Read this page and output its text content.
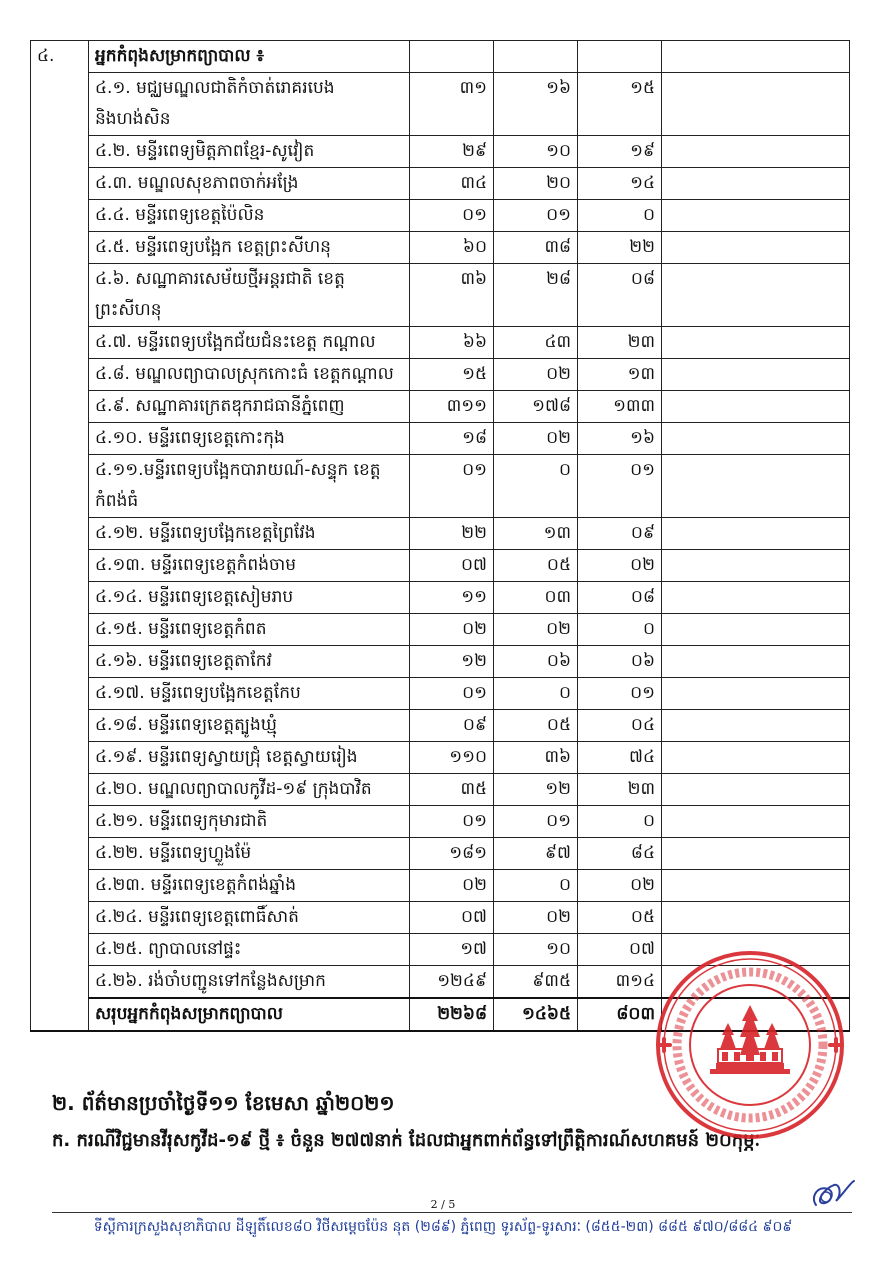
៤.	អ្នកកំពុងសម្រាកព្យាបាល ៖				
	៤.១. មជ្ឈមណ្ឌលជាតិកំចាត់រោគរបេង និងហង់សិន	៣១	១៦	១៥	
	៤.២. មន្ទីរពេទ្យមិត្តភាពខ្មែរ-សូវៀត	២៩	១០	១៩	
	៤.៣. មណ្ឌលសុខភាពចាក់អង្រែ	៣៤	២០	១៤	
	៤.៤. មន្ទីរពេទ្យខេត្តប៉ៃលិន	០១	០១	០	
	៤.៥. មន្ទីរពេទ្យបង្អែក ខេត្តព្រះសីហនុ	៦០	៣៨	២២	
	៤.៦. សណ្ឋាគារសេម័យថ្មីអន្តរជាតិ ខេត្តព្រះសីហនុ	៣៦	២៨	០៨	
	៤.៧. មន្ទីរពេទ្យបង្អែកជ័យជំនះខេត្ត កណ្ដាល	៦៦	៤៣	២៣	
	៤.៨. មណ្ឌលព្យាបាលស្រុកកោះធំ ខេត្តកណ្ដាល	១៥	០២	១៣	
	៤.៩. សណ្ឋាគារក្រេតឌុករាជធានីភ្នំពេញ	៣១១	១៧៨	១៣៣	
	៤.១០. មន្ទីរពេទ្យខេត្តកោះកុង	១៨	០២	១៦	
	៤.១១.មន្ទីរពេទ្យបង្អែកបារាយណ៍-សន្ទុក ខេត្តកំពង់ធំ	០១	០	០១	
	៤.១២. មន្ទីរពេទ្យបង្អែកខេត្តព្រៃវែង	២២	១៣	០៩	
	៤.១៣. មន្ទីរពេទ្យខេត្តកំពង់ចាម	០៧	០៥	០២	
	៤.១៤. មន្ទីរពេទ្យខេត្តសៀមរាប	១១	០៣	០៨	
	៤.១៥. មន្ទីរពេទ្យខេត្តកំពត	០២	០២	០	
	៤.១៦. មន្ទីរពេទ្យខេត្តតាកែវ	១២	០៦	០៦	
	៤.១៧. មន្ទីរពេទ្យបង្អែកខេត្តកែប	០១	០	០១	
	៤.១៨. មន្ទីរពេទ្យខេត្តត្បូងឃ្មុំ	០៩	០៥	០៤	
	៤.១៩. មន្ទីរពេទ្យស្វាយជ្រុំ ខេត្តស្វាយរៀង	១១០	៣៦	៧៤	
	៤.២០. មណ្ឌលព្យាបាលកូវីដ-១៩ ក្រុងបាវិត	៣៥	១២	២៣	
	៤.២១. មន្ទីរពេទ្យកុមារជាតិ	០១	០១	០	
	៤.២២. មន្ទីរពេទ្យហ្លួងម៉ែ	១៨១	៩៧	៨៤	
	៤.២៣. មន្ទីរពេទ្យខេត្តកំពង់ឆ្នាំង	០២	០	០២	
	៤.២៤. មន្ទីរពេទ្យខេត្តពោធិ៍សាត់	០៧	០២	០៥	
	៤.២៥. ព្យាបាលនៅផ្ទះ	១៧	១០	០៧	
	៤.២៦. រង់ចាំបញ្ជូនទៅកន្លែងសម្រាក	១២៤៩	៩៣៥	៣១៤	
	សរុបអ្នកកំពុងសម្រាកព្យាបាល	២២៦៨	១៤៦៥	៨០៣	
២. ព័ត៌មានប្រចាំថ្ងៃទី១១ ខែមេសា ឆ្នាំ២០២១
ក. ករណីវិជ្ជមានវីរុសកូវីដ-១៩ ថ្មី ៖ ចំនួន ២៧៧នាក់ ដែលជាអ្នកពាក់ព័ន្ធទៅព្រឹត្តិការណ៍សហគមន៍ ២០កុម្ភៈ
2 / 5
ទីស្តីការក្រសួងសុខាភិបាល ដីឡូតិ៍លេខ៨០ វិថីសម្ដេចប៉ែន នុត (២៨៩) ភ្នំពេញ ទូរស័ព្ទ-ទូរសារៈ (៨៥៥-២៣) ៨៨៥ ៩៧០/៨៨៤ ៩០៩
